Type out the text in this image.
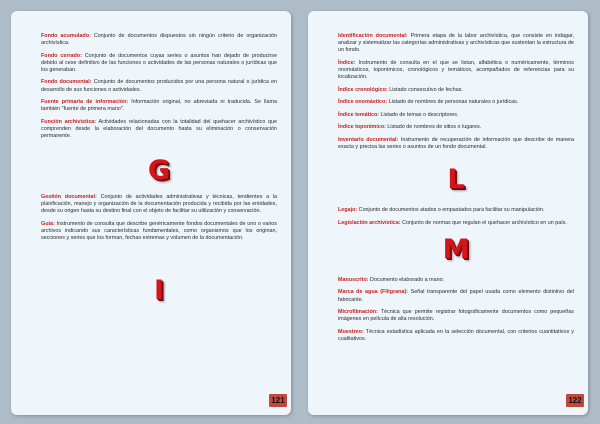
Fondo acumulado: Conjunto de documentos dispuestos sin ningún criterio de organización archivística.

Fondo cerrado: Conjunto de documentos cuyas series o asuntos han dejado de producirse debido al cese definitivo de las funciones o actividades de las personas naturales o jurídicas que los generaban.

Fondo documental: Conjunto de documentos producidos por una persona natural o jurídica en desarrollo de sus funciones o actividades.

Fuente primaria de información: Información original, no abreviada ni traducida. Se llama también "fuente de primera mano".

Función archivística: Actividades relacionadas con la totalidad del quehacer archivístico que comprenden desde la elaboración del documento hasta su eliminación o conservación permanente.

G

Gestión documental: Conjunto de actividades administrativas y técnicas, tendientes a la planificación, manejo y organización de la documentación producida y recibida por las entidades, desde su origen hasta su destino final con el objeto de facilitar su utilización y conservación.

Guía: Instrumento de consulta que describe genéricamente fondos documentales de uno o varios archivos indicando sus características fundamentales, como organismos que los originan, secciones y series que los forman, fechas extremas y volumen de la documentación.

I
121

Identificación documental: Primera etapa de la labor archivística, que consiste en indagar, analizar y sistematizar las categorías administrativas y archivísticas que sustentan la estructura de un fondo.

Índice: Instrumento de consulta en el que se listan, alfabética o numéricamente, términos onomásticos, toponímicos, cronológicos y temáticos, acompañados de referencias para su localización.

Índice cronológico: Listado consecutivo de fechas.

Índice onomástico: Listado de nombres de personas naturales o jurídicas.

Índice temático: Listado de temas o descriptores.

Índice toponímico: Listado de nombres de sitios o lugares.

Inventario documental: Instrumento de recuperación de información que describe de manera exacta y precisa las series o asuntos de un fondo documental.

L

Legajo: Conjunto de documentos atados o empastados para facilitar su manipulación.

Legislación archivística: Conjunto de normas que regulan el quehacer archivístico en un país.

M

Manuscrito: Documento elaborado a mano.

Marca de agua (Filigrana): Señal transparente del papel usada como elemento distintivo del fabricante.

Microfilmación: Técnica que permite registrar fotográficamente documentos como pequeñas imágenes en película de alta resolución.

Muestreo: Técnica estadística aplicada en la selección documental, con criterios cuantitativos y cualitativos.

122
